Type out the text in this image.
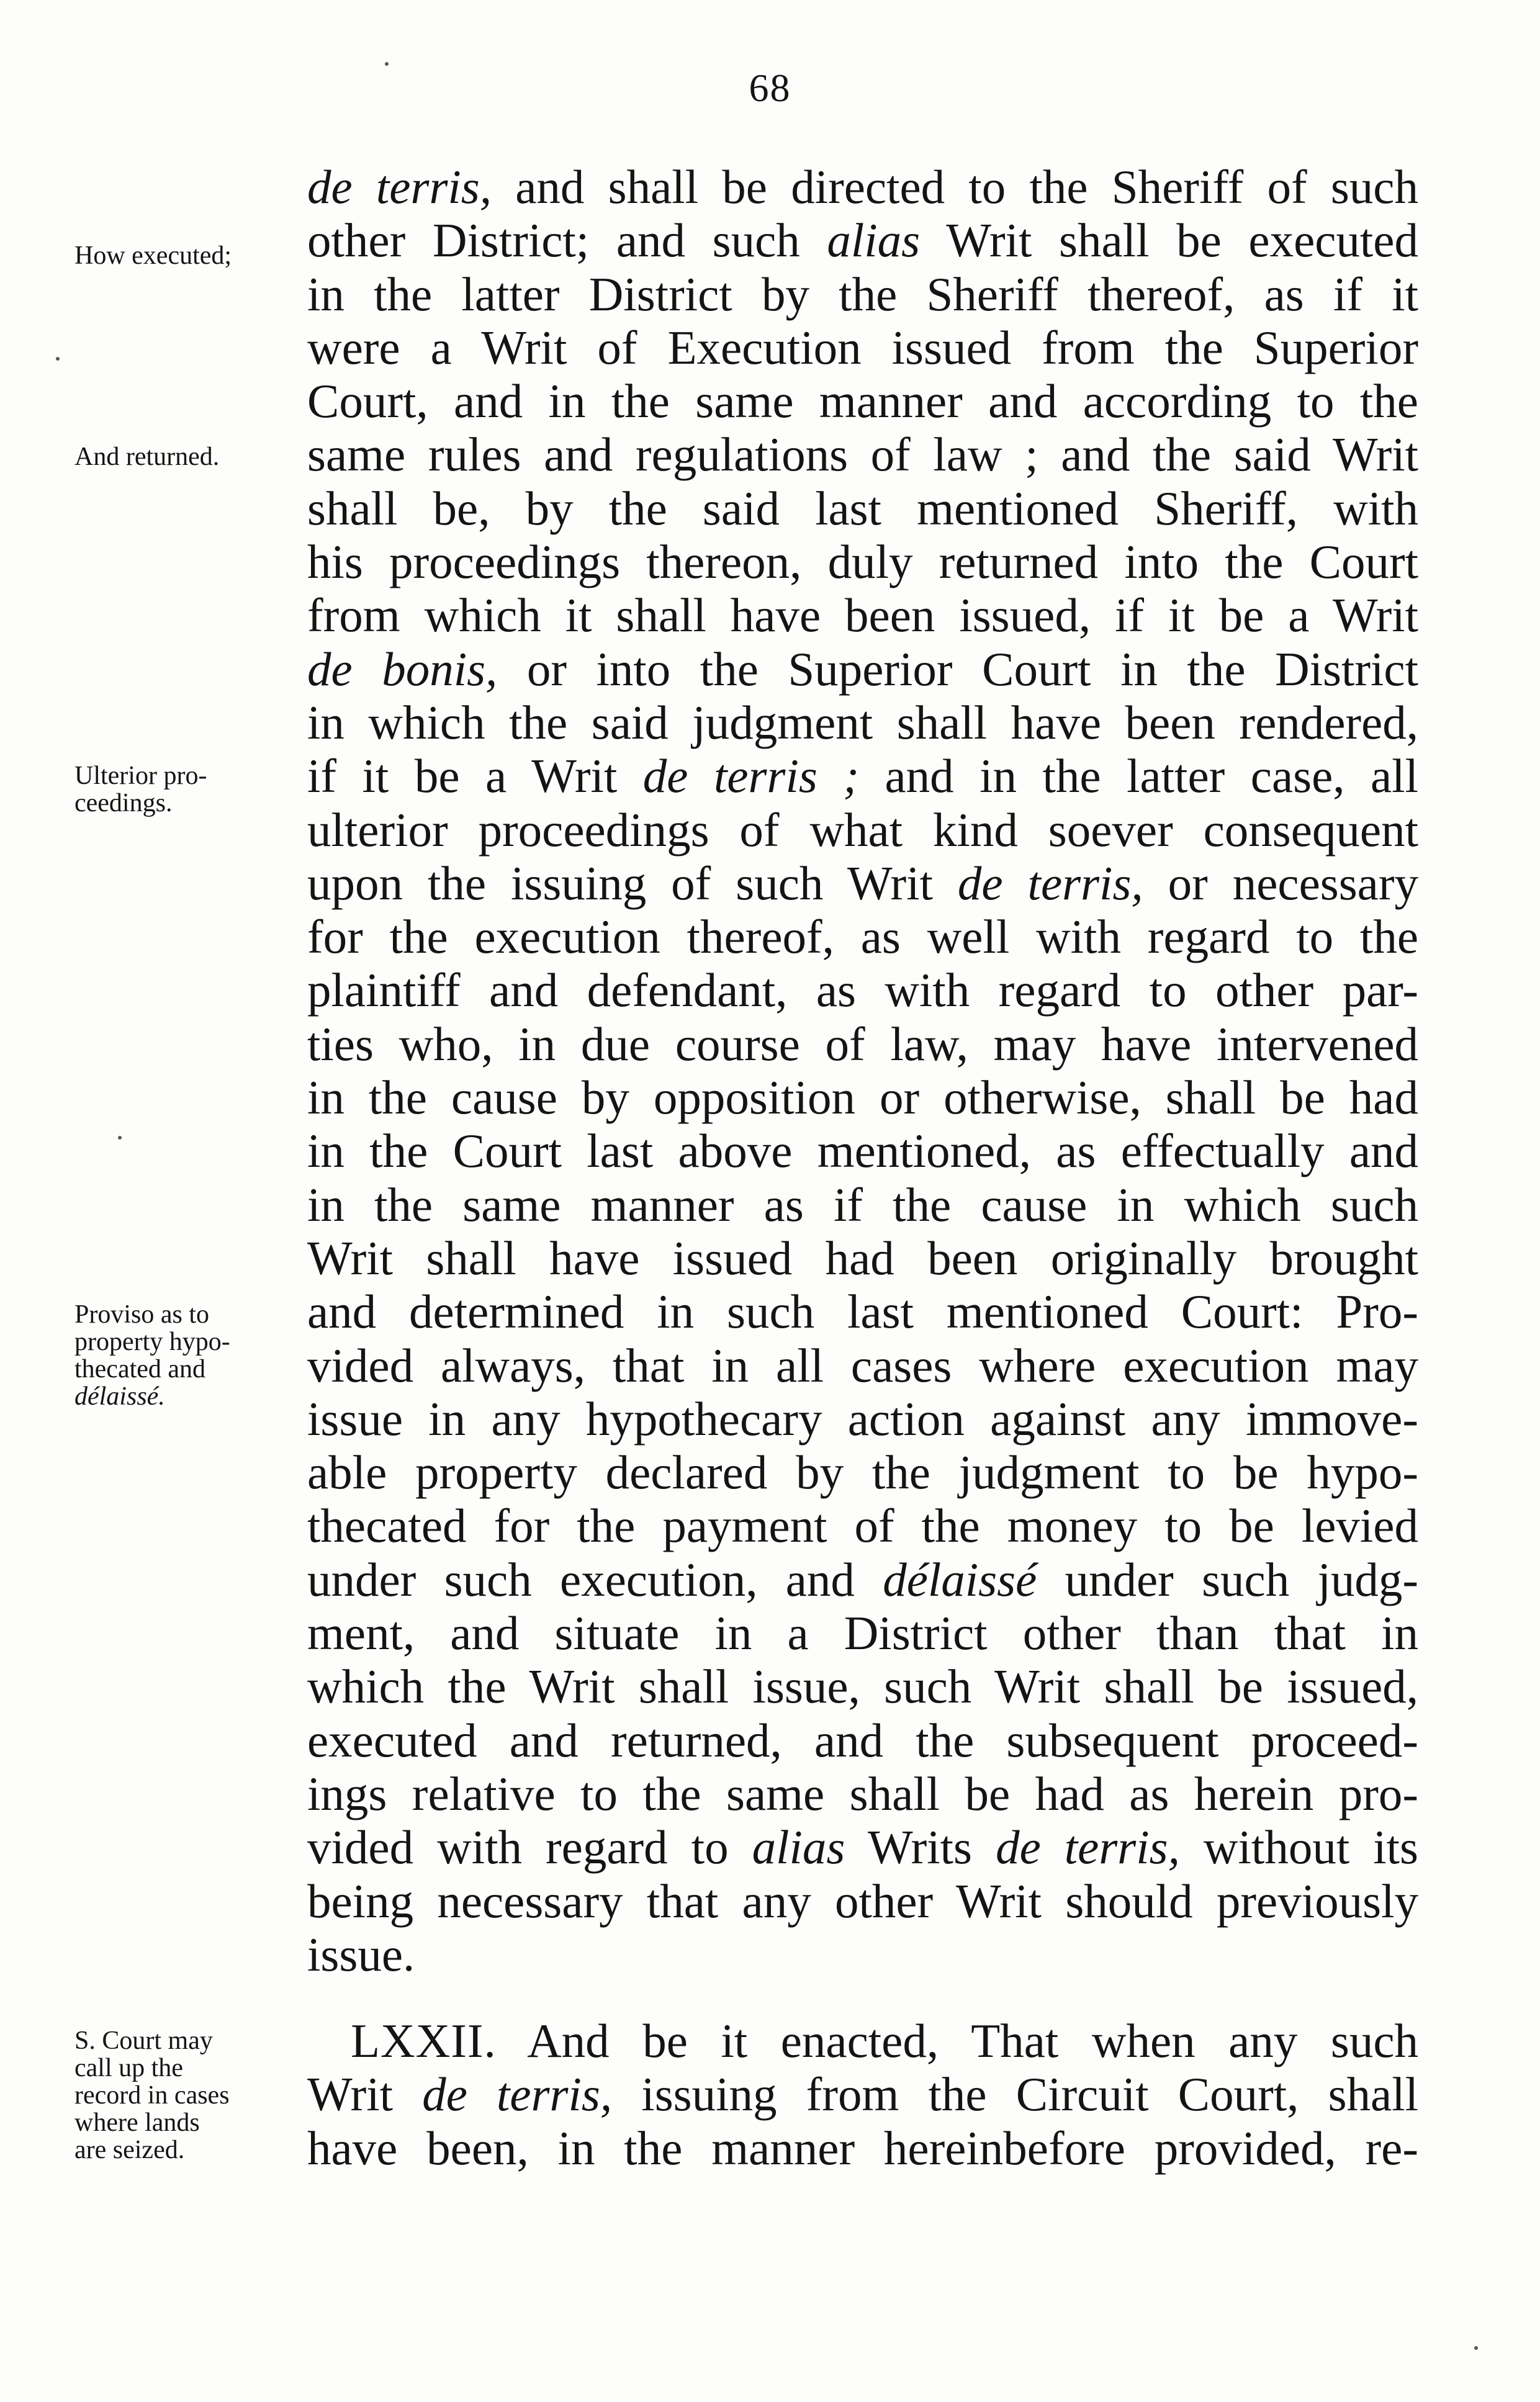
68
de terris, and shall be directed to the Sheriff of such
other District; and such alias Writ shall be executed
in the latter District by the Sheriff thereof, as if it
were a Writ of Execution issued from the Superior
Court, and in the same manner and according to the
same rules and regulations of law ; and the said Writ
shall be, by the said last mentioned Sheriff, with
his proceedings thereon, duly returned into the Court
from which it shall have been issued, if it be a Writ
de bonis, or into the Superior Court in the District
in which the said judgment shall have been rendered,
if it be a Writ de terris ; and in the latter case, all
ulterior proceedings of what kind soever consequent
upon the issuing of such Writ de terris, or necessary
for the execution thereof, as well with regard to the
plaintiff and defendant, as with regard to other par-
ties who, in due course of law, may have intervened
in the cause by opposition or otherwise, shall be had
in the Court last above mentioned, as effectually and
in the same manner as if the cause in which such
Writ shall have issued had been originally brought
and determined in such last mentioned Court: Pro-
vided always, that in all cases where execution may
issue in any hypothecary action against any immove-
able property declared by the judgment to be hypo-
thecated for the payment of the money to be levied
under such execution, and délaissé under such judg-
ment, and situate in a District other than that in
which the Writ shall issue, such Writ shall be issued,
executed and returned, and the subsequent proceed-
ings relative to the same shall be had as herein pro-
vided with regard to alias Writs de terris, without its
being necessary that any other Writ should previously
issue.
How executed;
And returned.
Ulterior pro-
ceedings.
Proviso as to
property hypo-
thecated and
délaissé.
S. Court may
call up the
record in cases
where lands
are seized.
LXXII. And be it enacted, That when any such
Writ de terris, issuing from the Circuit Court, shall
have been, in the manner hereinbefore provided, re-
